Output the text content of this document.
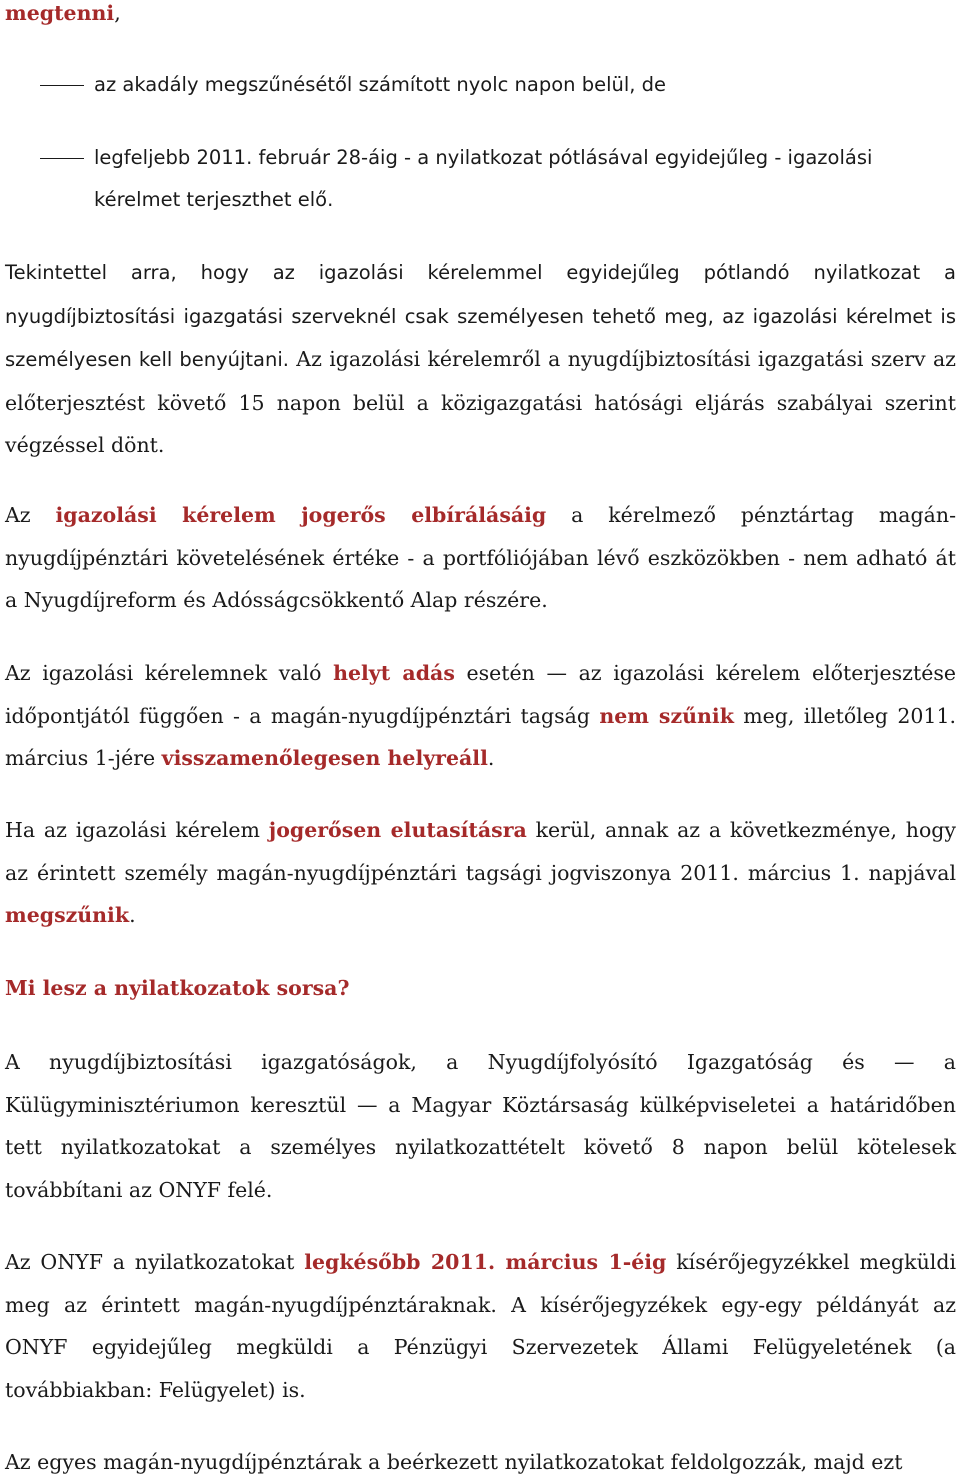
megtenni,

az akadály megszűnésétől számított nyolc napon belül, de
legfeljebb 2011. február 28-áig - a nyilatkozat pótlásával egyidejűleg - igazolási
kérelmet terjeszthet elő.

Tekintettel arra, hogy az igazolási kérelemmel egyidejűleg pótlandó nyilatkozat a nyugdíjbiztosítási igazgatási szerveknél csak személyesen tehető meg, az igazolási kérelmet is személyesen kell benyújtani. Az igazolási kérelemről a nyugdíjbiztosítási igazgatási szerv az előterjesztést követő 15 napon belül a közigazgatási hatósági eljárás szabályai szerint végzéssel dönt.

Az igazolási kérelem jogerős elbírálásáig a kérelmező pénztártag magán-nyugdíjpénztári követelésének értéke - a portfóliójában lévő eszközökben - nem adható át a Nyugdíjreform és Adósságcsökkentő Alap részére.

Az igazolási kérelemnek való helyt adás esetén — az igazolási kérelem előterjesztése időpontjától függően - a magán-nyugdíjpénztári tagság nem szűnik meg, illetőleg 2011. március 1-jére visszamenőlegesen helyreáll.

Ha az igazolási kérelem jogerősen elutasításra kerül, annak az a következménye, hogy az érintett személy magán-nyugdíjpénztári tagsági jogviszonya 2011. március 1. napjával megszűnik.

Mi lesz a nyilatkozatok sorsa?

A nyugdíjbiztosítási igazgatóságok, a Nyugdíjfolyósító Igazgatóság és — a Külügyminisztériumon keresztül — a Magyar Köztársaság külképviseletei a határidőben tett nyilatkozatokat a személyes nyilatkozattételt követő 8 napon belül kötelesek továbbítani az ONYF felé.

Az ONYF a nyilatkozatokat legkésőbb 2011. március 1-éig kísérőjegyzékkel megküldi meg az érintett magán-nyugdíjpénztáraknak. A kísérőjegyzékek egy-egy példányát az ONYF egyidejűleg megküldi a Pénzügyi Szervezetek Állami Felügyeletének (a továbbiakban: Felügyelet) is.

Az egyes magán-nyugdíjpénztárak a beérkezett nyilatkozatokat feldolgozzák, majd ezt
